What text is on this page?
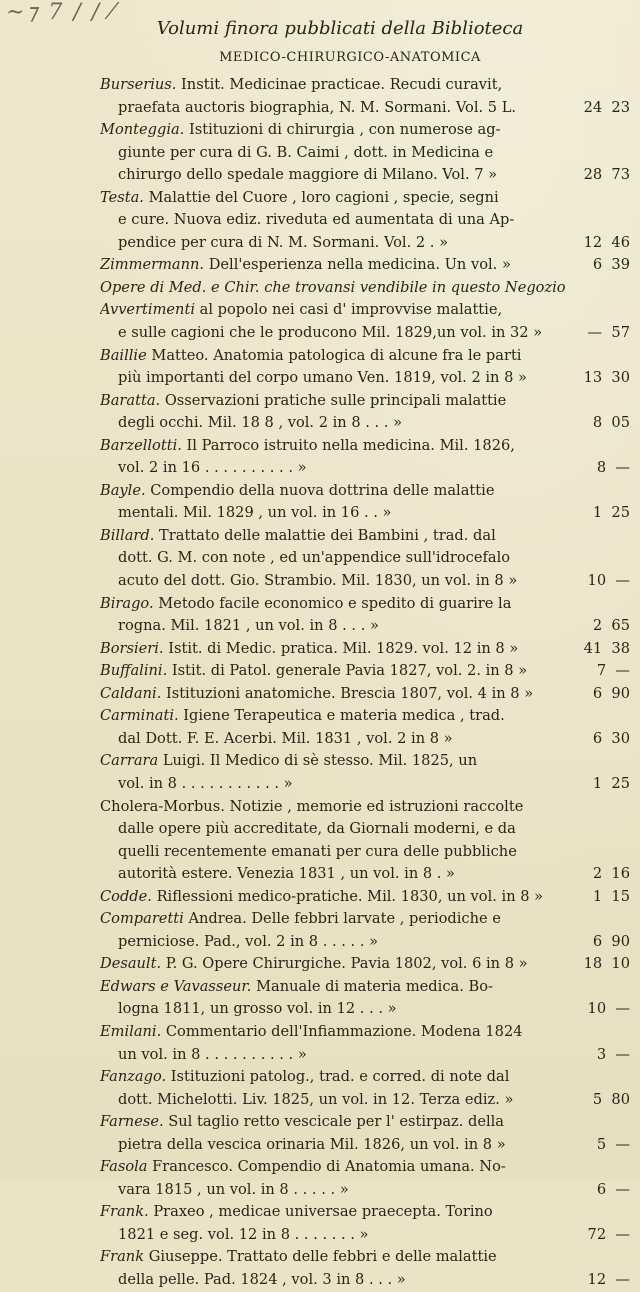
~⁊ 7 / / ⁄
Volumi finora pubblicati della Biblioteca
MEDICO-CHIRURGICO-ANATOMICA
Burserius. Instit. Medicinae practicae. Recudi curavit,
praefata auctoris biographia, N. M. Sormani. Vol. 5 L.	24  23
Monteggia. Istituzioni di chirurgia , con numerose ag-
giunte per cura di G. B. Caimi , dott. in Medicina e
chirurgo dello spedale maggiore di Milano. Vol. 7 »	28  73
Testa. Malattie del Cuore , loro cagioni , specie, segni
e cure. Nuova ediz. riveduta ed aumentata di una Ap-
pendice per cura di N. M. Sormani. Vol. 2 . »	12  46
Zimmermann. Dell'esperienza nella medicina. Un vol. »	6  39
Opere di Med. e Chir. che trovansi vendibile in questo Negozio
Avvertimenti al popolo nei casi d' improvvise malattie,
e sulle cagioni che le producono Mil. 1829,un vol. in 32 »	—  57
Baillie Matteo. Anatomia patologica di alcune fra le parti
più importanti del corpo umano Ven. 1819, vol. 2 in 8 »	13  30
Baratta. Osservazioni pratiche sulle principali malattie
degli occhi. Mil. 18 8 , vol. 2 in 8 . . . »	8  05
Barzellotti. Il Parroco istruito nella medicina. Mil. 1826,
vol. 2 in 16 . . . . . . . . . . »	8  —
Bayle. Compendio della nuova dottrina delle malattie
mentali. Mil. 1829 , un vol. in 16 . . »	1  25
Billard. Trattato delle malattie dei Bambini , trad. dal
dott. G. M. con note , ed un'appendice sull'idrocefalo
acuto del dott. Gio. Strambio. Mil. 1830, un vol. in 8 »	10  —
Birago. Metodo facile economico e spedito di guarire la
rogna. Mil. 1821 , un vol. in 8 . . . »	2  65
Borsieri. Istit. di Medic. pratica. Mil. 1829. vol. 12 in 8 »	41  38
Buffalini. Istit. di Patol. generale Pavia 1827, vol. 2. in 8 »	7  —
Caldani. Istituzioni anatomiche. Brescia 1807, vol. 4 in 8 »	6  90
Carminati. Igiene Terapeutica e materia medica , trad.
dal Dott. F. E. Acerbi. Mil. 1831 , vol. 2 in 8 »	6  30
Carrara Luigi. Il Medico di sè stesso. Mil. 1825, un
vol. in 8 . . . . . . . . . . . »	1  25
Cholera-Morbus. Notizie , memorie ed istruzioni raccolte
dalle opere più accreditate, da Giornali moderni, e da
quelli recentemente emanati per cura delle pubbliche
autorità estere. Venezia 1831 , un vol. in 8 . »	2  16
Codde. Riflessioni medico-pratiche. Mil. 1830, un vol. in 8 »	1  15
Comparetti Andrea. Delle febbri larvate , periodiche e
perniciose. Pad., vol. 2 in 8 . . . . . »	6  90
Desault. P. G. Opere Chirurgiche. Pavia 1802, vol. 6 in 8 »	18  10
Edwars e Vavasseur. Manuale di materia medica. Bo-
logna 1811, un grosso vol. in 12 . . . »	10  —
Emilani. Commentario dell'Infiammazione. Modena 1824
un vol. in 8 . . . . . . . . . . »	3  —
Fanzago. Istituzioni patolog., trad. e corred. di note dal
dott. Michelotti. Liv. 1825, un vol. in 12. Terza ediz. »	5  80
Farnese. Sul taglio retto vescicale per l' estirpaz. della
pietra della vescica orinaria Mil. 1826, un vol. in 8 »	5  —
Fasola Francesco. Compendio di Anatomia umana. No-
vara 1815 , un vol. in 8 . . . . . »	6  —
Frank. Praxeo , medicae universae praecepta. Torino
1821 e seg. vol. 12 in 8 . . . . . . . »	72  —
Frank Giuseppe. Trattato delle febbri e delle malattie
della pelle. Pad. 1824 , vol. 3 in 8 . . . »	12  —
